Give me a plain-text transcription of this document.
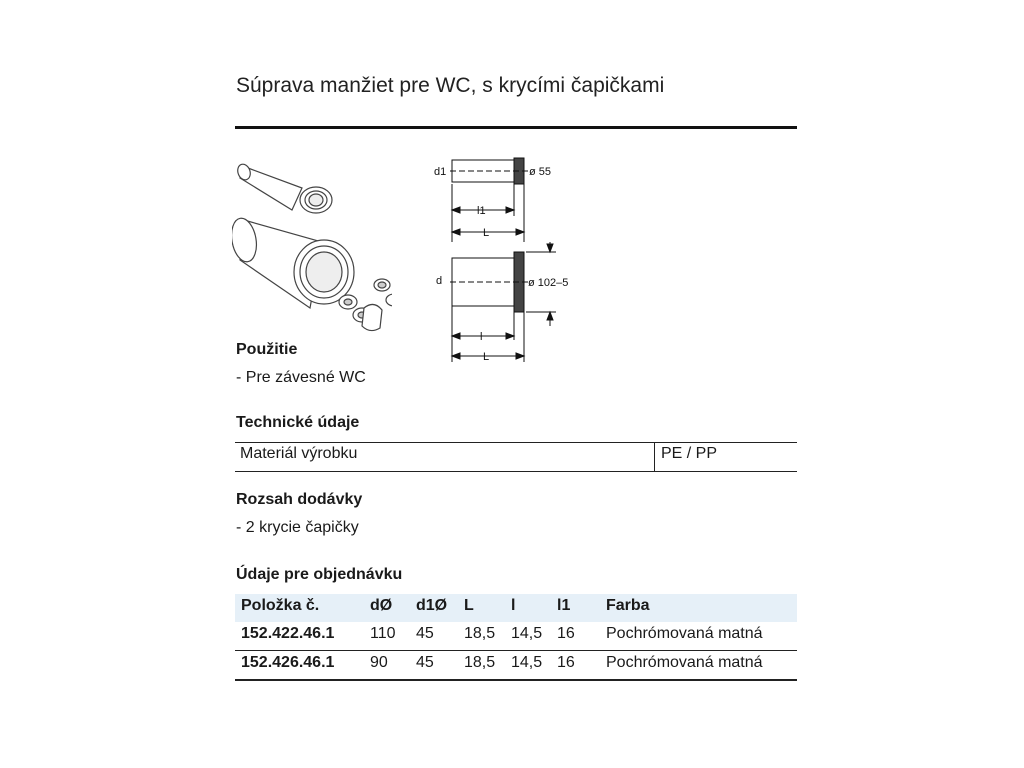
Súprava manžiet pre WC, s krycími čapičkami
d1	ø 55
l1
L
d	ø 102–5
l
L
Použitie
- Pre závesné WC
Technické údaje
Materiál výrobku	PE / PP
Rozsah dodávky
- 2 krycie čapičky
Údaje pre objednávku
Položka č.	dØ d1Ø L l	l1 Farba
152.422.46.1 110 45 18,5 14,5 16 Pochrómovaná matná
152.426.46.1 90 45 18,5 14,5 16 Pochrómovaná matná
